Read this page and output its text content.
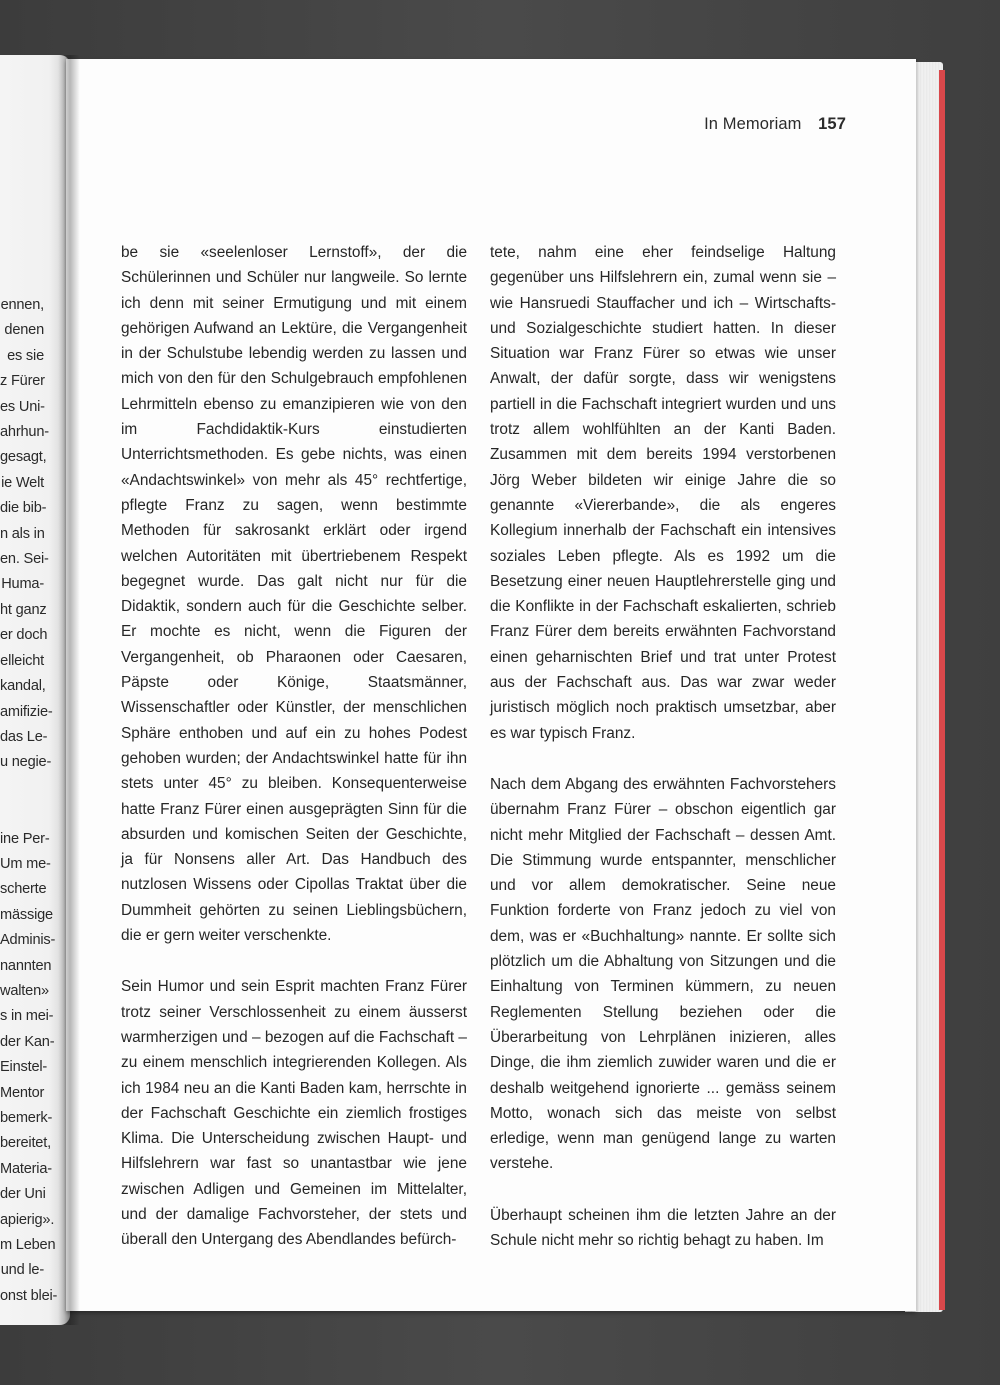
ennen,
denen
es sie
z Fürer
es Uni-
ahrhun-
gesagt,
ie Welt
die bib-
n als in
en. Sei-
Huma-
ht ganz
er doch
elleicht
kandal,
amifizie-
das Le-
u negie-

ine Per-
Um me-
scherte
mässige
Adminis-
nannten
walten»
s in mei-
der Kan-
Einstel-
Mentor
bemerk-
bereitet,
Materia-
der Uni
apierig».
m Leben
und le-
onst blei-
In Memoriam 157

be sie «seelenloser Lernstoff», der die Schülerinnen und Schüler nur langweile. So lernte ich denn mit seiner Ermutigung und mit einem gehörigen Aufwand an Lektüre, die Vergangenheit in der Schulstube lebendig werden zu lassen und mich von den für den Schulgebrauch empfohlenen Lehrmitteln ebenso zu emanzipieren wie von den im Fachdidaktik-Kurs einstudierten Unterrichtsmethoden. Es gebe nichts, was einen «Andachtswinkel» von mehr als 45° rechtfertige, pflegte Franz zu sagen, wenn bestimmte Methoden für sakrosankt erklärt oder irgend welchen Autoritäten mit übertriebenem Respekt begegnet wurde. Das galt nicht nur für die Didaktik, sondern auch für die Geschichte selber. Er mochte es nicht, wenn die Figuren der Vergangenheit, ob Pharaonen oder Caesaren, Päpste oder Könige, Staatsmänner, Wissenschaftler oder Künstler, der menschlichen Sphäre enthoben und auf ein zu hohes Podest gehoben wurden; der Andachtswinkel hatte für ihn stets unter 45° zu bleiben. Konsequenterweise hatte Franz Fürer einen ausgeprägten Sinn für die absurden und komischen Seiten der Geschichte, ja für Nonsens aller Art. Das Handbuch des nutzlosen Wissens oder Cipollas Traktat über die Dummheit gehörten zu seinen Lieblingsbüchern, die er gern weiter verschenkte.

Sein Humor und sein Esprit machten Franz Fürer trotz seiner Verschlossenheit zu einem äusserst warmherzigen und – bezogen auf die Fachschaft – zu einem menschlich integrierenden Kollegen. Als ich 1984 neu an die Kanti Baden kam, herrschte in der Fachschaft Geschichte ein ziemlich frostiges Klima. Die Unterscheidung zwischen Haupt- und Hilfslehrern war fast so unantastbar wie jene zwischen Adligen und Gemeinen im Mittelalter, und der damalige Fachvorsteher, der stets und überall den Untergang des Abendlandes befürch-

tete, nahm eine eher feindselige Haltung gegenüber uns Hilfslehrern ein, zumal wenn sie – wie Hansruedi Stauffacher und ich – Wirtschafts- und Sozialgeschichte studiert hatten. In dieser Situation war Franz Fürer so etwas wie unser Anwalt, der dafür sorgte, dass wir wenigstens partiell in die Fachschaft integriert wurden und uns trotz allem wohlfühlten an der Kanti Baden. Zusammen mit dem bereits 1994 verstorbenen Jörg Weber bildeten wir einige Jahre die so genannte «Viererbande», die als engeres Kollegium innerhalb der Fachschaft ein intensives soziales Leben pflegte. Als es 1992 um die Besetzung einer neuen Hauptlehrerstelle ging und die Konflikte in der Fachschaft eskalierten, schrieb Franz Fürer dem bereits erwähnten Fachvorstand einen geharnischten Brief und trat unter Protest aus der Fachschaft aus. Das war zwar weder juristisch möglich noch praktisch umsetzbar, aber es war typisch Franz.

Nach dem Abgang des erwähnten Fachvorstehers übernahm Franz Fürer – obschon eigentlich gar nicht mehr Mitglied der Fachschaft – dessen Amt. Die Stimmung wurde entspannter, menschlicher und vor allem demokratischer. Seine neue Funktion forderte von Franz jedoch zu viel von dem, was er «Buchhaltung» nannte. Er sollte sich plötzlich um die Abhaltung von Sitzungen und die Einhaltung von Terminen kümmern, zu neuen Reglementen Stellung beziehen oder die Überarbeitung von Lehrplänen inizieren, alles Dinge, die ihm ziemlich zuwider waren und die er deshalb weitgehend ignorierte ... gemäss seinem Motto, wonach sich das meiste von selbst erledige, wenn man genügend lange zu warten verstehe.

Überhaupt scheinen ihm die letzten Jahre an der Schule nicht mehr so richtig behagt zu haben. Im
